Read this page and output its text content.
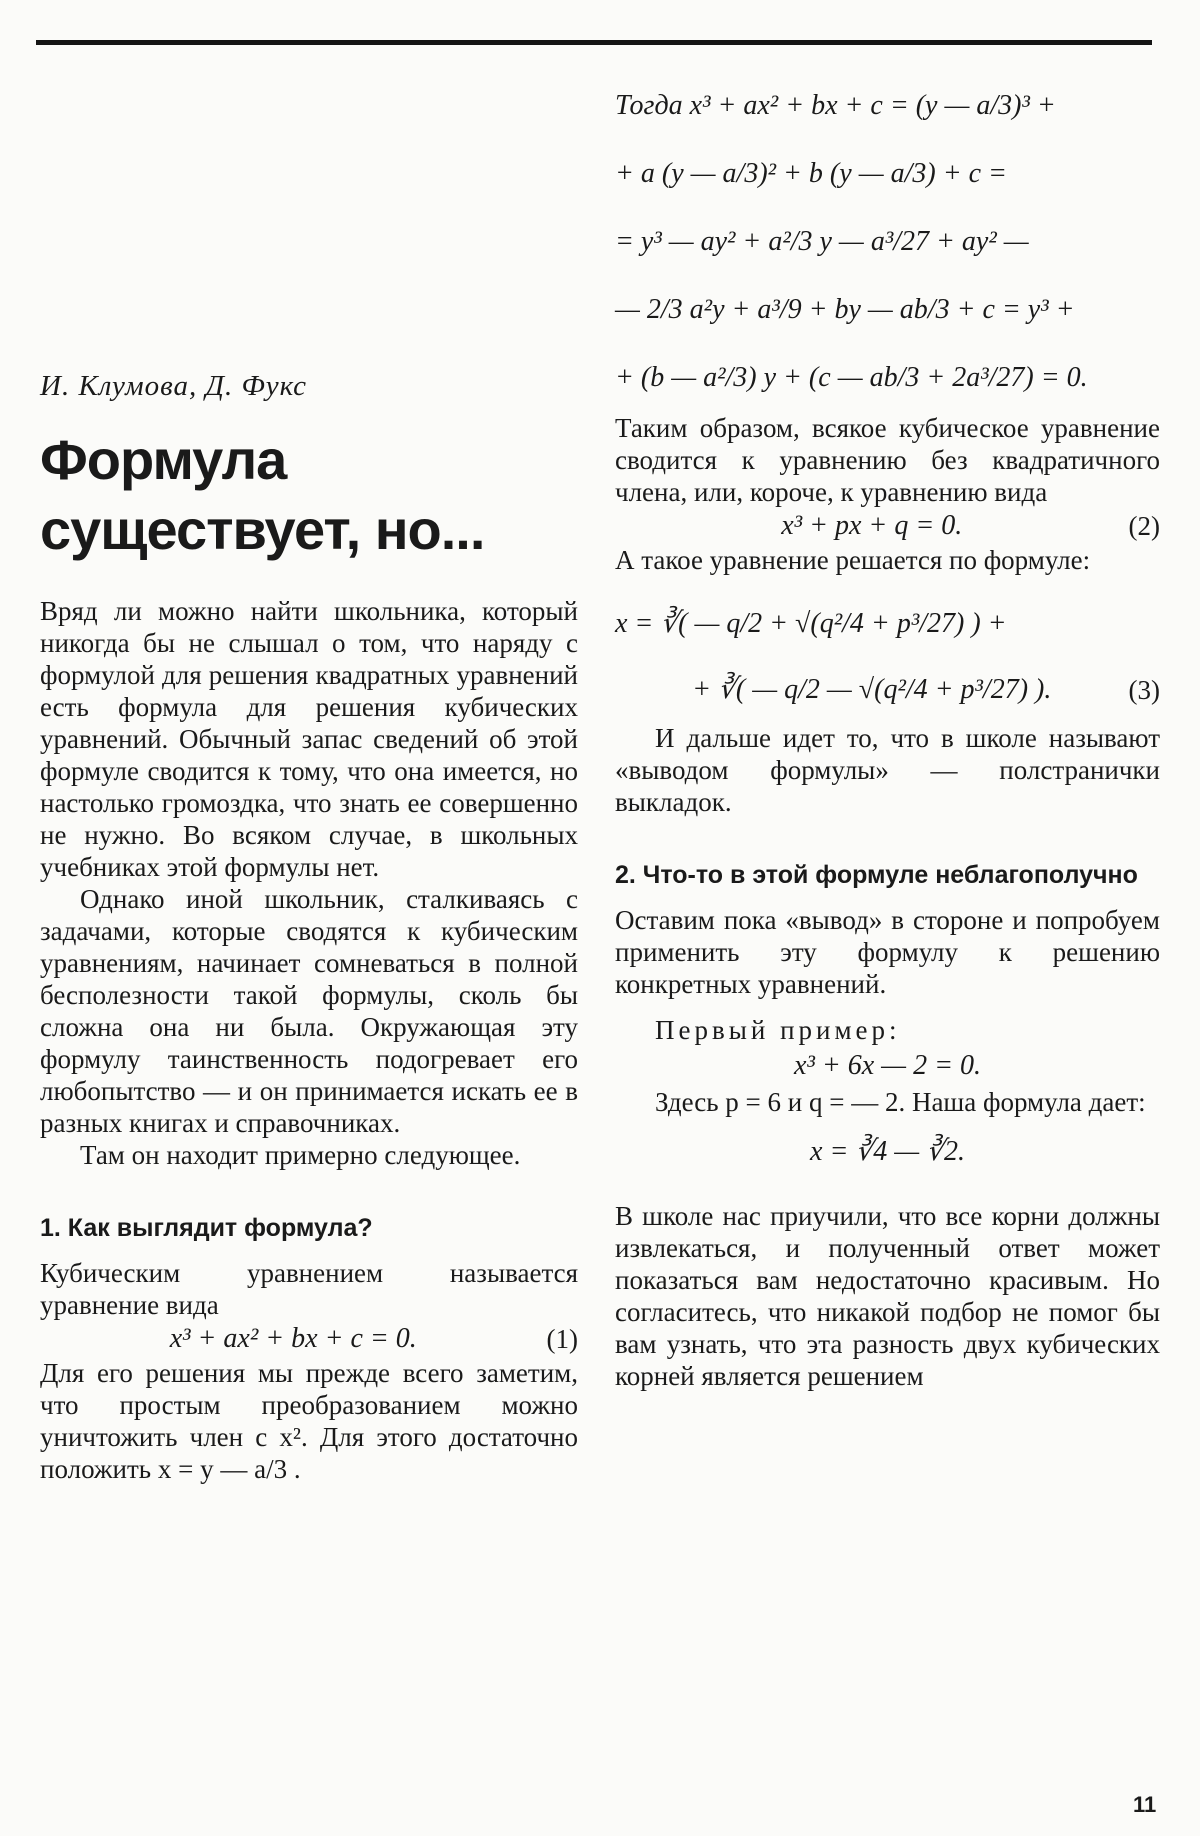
И. Клумова, Д. Фукс
Формула
существует, но...

Вряд ли можно найти школьника, который никогда бы не слышал о том, что наряду с формулой для решения квадратных уравнений есть формула для решения кубических уравнений. Обычный запас сведений об этой формуле сводится к тому, что она имеется, но настолько громоздка, что знать ее совершенно не нужно. Во всяком случае, в школьных учебниках этой формулы нет.

Однако иной школьник, сталкиваясь с задачами, которые сводятся к кубическим уравнениям, начинает сомневаться в полной бесполезности такой формулы, сколь бы сложна она ни была. Окружающая эту формулу таинственность подогревает его любопытство — и он принимается искать ее в разных книгах и справочниках.

Там он находит примерно следующее.

1. Как выглядит формула?

Кубическим уравнением называется уравнение вида

x³ + ax² + bx + c = 0.	(1)

Для его решения мы прежде всего заметим, что простым преобразованием можно уничтожить член с x². Для этого достаточно положить x = y — a/3 .

Тогда x³ + ax² + bx + c = (y — a/3)³ +
+ a (y — a/3)² + b (y — a/3) + c =
= y³ — ay² + a²/3 y — a³/27 + ay² —
— 2/3 a²y + a³/9 + by — ab/3 + c = y³ +
+ (b — a²/3) y + (c — ab/3 + 2a³/27) = 0.

Таким образом, всякое кубическое уравнение сводится к уравнению без квадратичного члена, или, короче, к уравнению вида

x³ + px + q = 0.	(2)

А такое уравнение решается по формуле:

x = ∛( — q/2 + √(q²/4 + p³/27) ) +
+ ∛( — q/2 — √(q²/4 + p³/27) ).	(3)

И дальше идет то, что в школе называют «выводом формулы» — полстранички выкладок.

2. Что-то в этой формуле неблагополучно

Оставим пока «вывод» в стороне и попробуем применить эту формулу к решению конкретных уравнений.

Первый пример:

x³ + 6x — 2 = 0.

Здесь p = 6 и q = — 2. Наша формула дает:

x = ∛4 — ∛2.

В школе нас приучили, что все корни должны извлекаться, и полученный ответ может показаться вам недостаточно красивым. Но согласитесь, что никакой подбор не помог бы вам узнать, что эта разность двух кубических корней является решением

11
